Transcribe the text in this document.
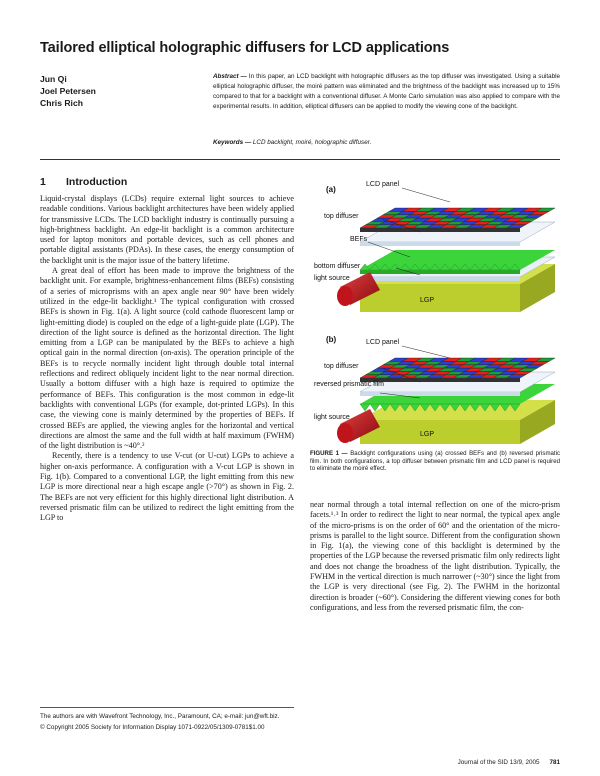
Tailored elliptical holographic diffusers for LCD applications
Jun Qi
Joel Petersen
Chris Rich
Abstract — In this paper, an LCD backlight with holographic diffusers as the top diffuser was investigated. Using a suitable elliptical holographic diffuser, the moiré pattern was eliminated and the brightness of the backlight was increased up to 15% compared to that for a backlight with a conventional diffuser. A Monte Carlo simulation was also applied to compare with the experimental results. In addition, elliptical diffusers can be applied to modify the viewing cone of the backlight.
Keywords — LCD backlight, moiré, holographic diffuser.
1 Introduction

Liquid-crystal displays (LCDs) require external light sources to achieve readable conditions. Various backlight architectures have been widely applied for transmissive LCDs. The LCD backlight industry is continually pursuing a high-brightness backlight. An edge-lit backlight is a common architecture used for laptop monitors and portable devices, such as cell phones and portable digital assistants (PDAs). In these cases, the energy consumption of the backlight unit is the major issue of the battery lifetime.

A great deal of effort has been made to improve the brightness of the backlight unit. For example, brightness-enhancement films (BEFs) consisting of a series of microprisms with an apex angle near 90° have been widely utilized in the edge-lit backlight.¹ The typical configuration with crossed BEFs is shown in Fig. 1(a). A light source (cold cathode fluorescent lamp or light-emitting diode) is coupled on the edge of a light-guide plate (LGP). The direction of the light source is defined as the horizontal direction. The light emitting from a LGP can be manipulated by the BEFs to achieve a high optical gain in the normal direction (on-axis). The operation principle of the BEFs is to recycle normally incident light through double total internal reflections and redirect obliquely incident light to the near normal direction. Usually a bottom diffuser with a high haze is required to optimize the performance of BEFs. This configuration is the most common in edge-lit backlights with conventional LGPs (for example, dot-printed LGPs). In this case, the viewing cone is mainly determined by the properties of BEFs. If crossed BEFs are applied, the viewing angles for the horizontal and vertical directions are almost the same and the full width at half maximum (FWHM) of the light distribution is ~40°.²

Recently, there is a tendency to use V-cut (or U-cut) LGPs to achieve a higher on-axis performance. A configuration with a V-cut LGP is shown in Fig. 1(b). Compared to a conventional LGP, the light emitting from this new LGP is more directional near a high escape angle (>70°) as shown in Fig. 2. The BEFs are not very efficient for this highly directional light distribution. A reversed prismatic film can be utilized to redirect the light emitting from the LGP to

(a)
LCD panel
top diffuser
BEFs
bottom diffuser
light source
LGP
(b)	LCD panel
top diffuser
reversed prismatic film
light source
LGP
FIGURE 1 — Backlight configurations using (a) crossed BEFs and (b) reversed prismatic film. In both configurations, a top diffuser between prismatic film and LCD panel is required to eliminate the moiré effect.

near normal through a total internal reflection on one of the micro-prism facets.¹˒³ In order to redirect the light to near normal, the typical apex angle of the micro-prisms is on the order of 60° and the orientation of the micro-prisms is parallel to the light source. Different from the configuration shown in Fig. 1(a), the viewing cone of this backlight is determined by the properties of the LGP because the reversed prismatic film only redirects light and does not change the broadness of the light distribution. Typically, the FWHM in the vertical direction is much narrower (~30°) since the light from the LGP is very directional (see Fig. 2). The FWHM in the horizontal direction is broader (~60°). Considering the different viewing cones for both configurations, and less from the reversed prismatic film, the con-

The authors are with Wavefront Technology, Inc., Paramount, CA; e-mail: jun@wft.biz.
© Copyright 2005 Society for Information Display 1071-0922/05/1309-0781$1.00
Journal of the SID 13/9, 2005 781
